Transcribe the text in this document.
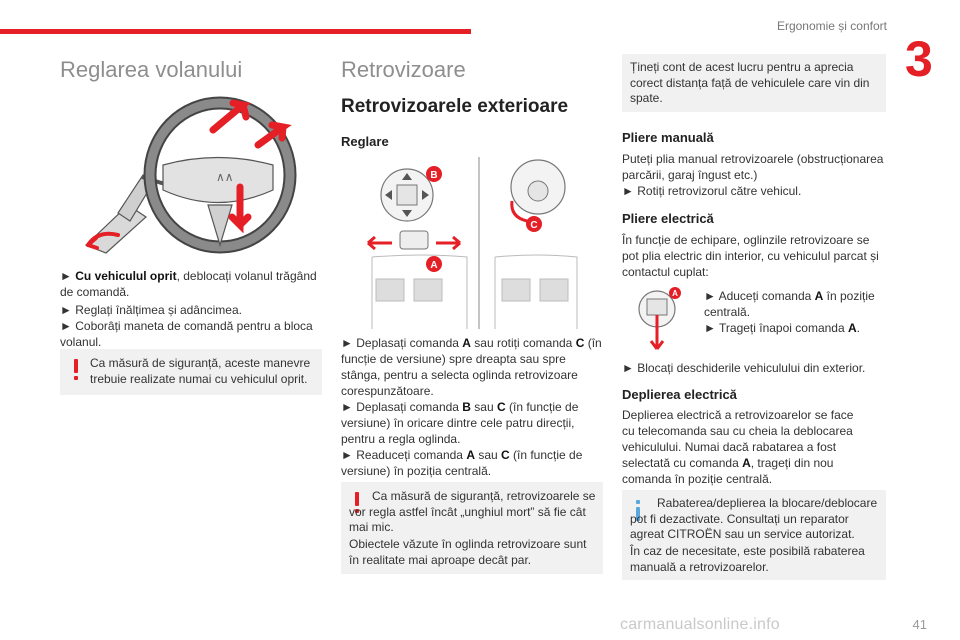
Ergonomie și confort
3
Reglarea volanului
∧∧

► Cu vehiculul oprit, deblocați volanul trăgând de comandă.

► Reglați înălțimea și adâncimea.

► Coborâți maneta de comandă pentru a bloca volanul.

Ca măsură de siguranță, aceste manevre trebuie realizate numai cu vehiculul oprit.

Retrovizoare
Retrovizoarele exterioare
Reglare
B
A
C

► Deplasați comanda A sau rotiți comanda C (în funcție de versiune) spre dreapta sau spre stânga, pentru a selecta oglinda retrovizoare corespunzătoare.

► Deplasați comanda B sau C (în funcție de versiune) în oricare dintre cele patru direcții, pentru a regla oglinda.

► Readuceți comanda A sau C (în funcție de versiune) în poziția centrală.

Ca măsură de siguranță, retrovizoarele se vor regla astfel încât „unghiul mort” să fie cât mai mic.

Obiectele văzute în oglinda retrovizoare sunt în realitate mai aproape decât par.

Țineți cont de acest lucru pentru a aprecia corect distanța față de vehiculele care vin din spate.

Pliere manuală

Puteți plia manual retrovizoarele (obstrucționarea parcării, garaj îngust etc.)

► Rotiți retrovizorul către vehicul.

Pliere electrică

În funcție de echipare, oglinzile retrovizoare se pot plia electric din interior, cu vehiculul parcat și contactul cuplat:

A ► Aduceți comanda A în poziție centrală.

► Trageți înapoi comanda A.

► Blocați deschiderile vehiculului din exterior.

Deplierea electrică

Deplierea electrică a retrovizoarelor se face cu telecomanda sau cu cheia la deblocarea vehiculului. Numai dacă rabatarea a fost selectată cu comanda A, trageți din nou comanda în poziție centrală.

Rabaterea/deplierea la blocare/deblocare pot fi dezactivate. Consultați un reparator agreat CITROËN sau un service autorizat.

În caz de necesitate, este posibilă rabaterea manuală a retrovizoarelor.

carmanualsonline.info	41
